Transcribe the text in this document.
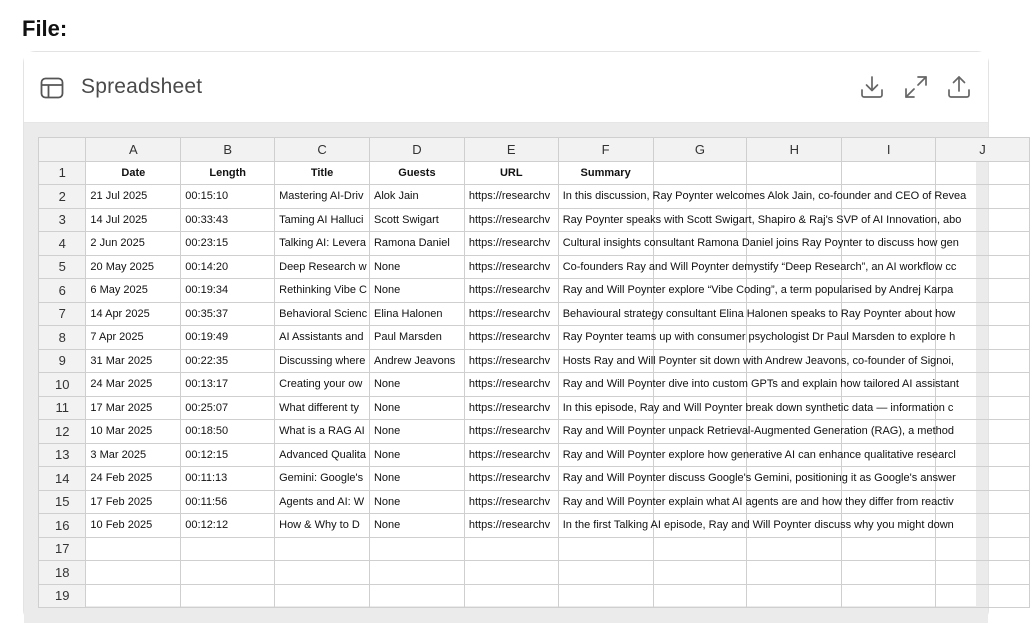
File:
Spreadsheet
	A	B	C	D	E	F	G	H	I	J
1	Date	Length	Title	Guests	URL	Summary				
2	21 Jul 2025	00:15:10	Mastering AI-Driv	Alok Jain	https://researchv	In this discussion, Ray Poynter welcomes Alok Jain, co-founder and CEO of Revea				
3	14 Jul 2025	00:33:43	Taming AI Halluci	Scott Swigart	https://researchv	Ray Poynter speaks with Scott Swigart, Shapiro & Raj's SVP of AI Innovation, abo				
4	2 Jun 2025	00:23:15	Talking AI: Levera	Ramona Daniel	https://researchv	Cultural insights consultant Ramona Daniel joins Ray Poynter to discuss how gen				
5	20 May 2025	00:14:20	Deep Research w	None	https://researchv	Co-founders Ray and Will Poynter demystify “Deep Research”, an AI workflow cc				
6	6 May 2025	00:19:34	Rethinking Vibe C	None	https://researchv	Ray and Will Poynter explore “Vibe Coding”, a term popularised by Andrej Karpa				
7	14 Apr 2025	00:35:37	Behavioral Scienc	Elina Halonen	https://researchv	Behavioural strategy consultant Elina Halonen speaks to Ray Poynter about how				
8	7 Apr 2025	00:19:49	AI Assistants and	Paul Marsden	https://researchv	Ray Poynter teams up with consumer psychologist Dr Paul Marsden to explore h				
9	31 Mar 2025	00:22:35	Discussing where	Andrew Jeavons	https://researchv	Hosts Ray and Will Poynter sit down with Andrew Jeavons, co-founder of Signoi,				
10	24 Mar 2025	00:13:17	Creating your ow	None	https://researchv	Ray and Will Poynter dive into custom GPTs and explain how tailored AI assistant				
11	17 Mar 2025	00:25:07	What different ty	None	https://researchv	In this episode, Ray and Will Poynter break down synthetic data — information c				
12	10 Mar 2025	00:18:50	What is a RAG AI	None	https://researchv	Ray and Will Poynter unpack Retrieval-Augmented Generation (RAG), a method				
13	3 Mar 2025	00:12:15	Advanced Qualita	None	https://researchv	Ray and Will Poynter explore how generative AI can enhance qualitative researcl				
14	24 Feb 2025	00:11:13	Gemini: Google's	None	https://researchv	Ray and Will Poynter discuss Google's Gemini, positioning it as Google's answer				
15	17 Feb 2025	00:11:56	Agents and AI: W	None	https://researchv	Ray and Will Poynter explain what AI agents are and how they differ from reactiv				
16	10 Feb 2025	00:12:12	How & Why to D	None	https://researchv	In the first Talking AI episode, Ray and Will Poynter discuss why you might down				
17										
18										
19										
